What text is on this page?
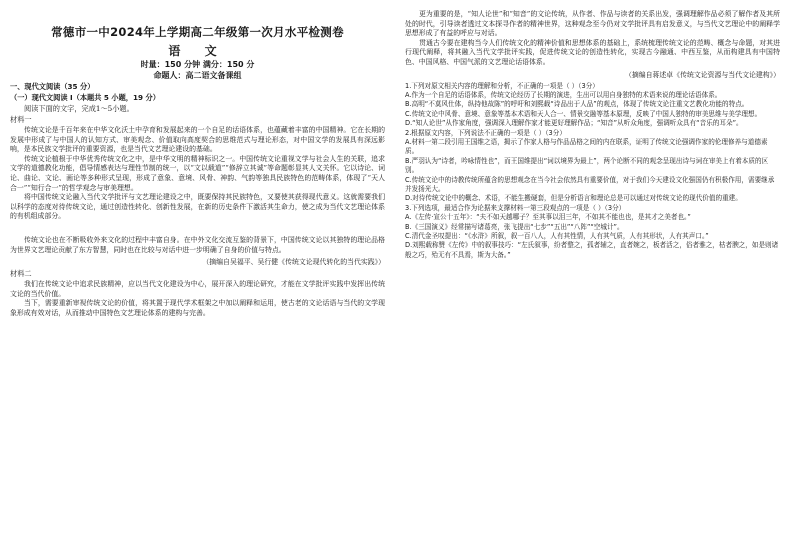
常德市一中2024年上学期高二年级第一次月水平检测卷

语 文

时量：150 分钟 满分：150 分

命题人：高二语文备课组

一、现代文阅读（35 分）

（一）现代文阅读 I（本题共 5 小题，19 分）

阅读下面的文字，完成1～5小题。

材料一

传统文论是千百年来在中华文化沃土中孕育和发展起来的一个自足的话语体系，也蕴藏着丰富的中国精神。它在长期的发展中形成了与中国人的认知方式、审美观念、价值取向高度契合的思维范式与理论形态，对中国文学的发展具有深远影响，是本民族文学批评的重要资源，也是当代文艺理论建设的基础。

传统文论植根于中华优秀传统文化之中，是中华文明的精神标识之一。中国传统文论重视文学与社会人生的关联，追求文学的道德教化功能，倡导情感表达与理性节制的统一，以“文以载道”“修辞立其诚”等命题彰显其人文关怀。它以诗论、词论、曲论、文论、画论等多种形式呈现，形成了意象、意境、风骨、神韵、气韵等独具民族特色的范畴体系，体现了“天人合一”“知行合一”的哲学观念与审美理想。

将中国传统文论融入当代文学批评与文艺理论建设之中，既要保持其民族特色，又要使其获得现代意义。这就需要我们以科学的态度对待传统文论，通过创造性转化、创新性发展，在新的历史条件下激活其生命力，使之成为当代文艺理论体系的有机组成部分。

传统文论也在不断吸收外来文化的过程中丰富自身。在中外文化交流互鉴的背景下，中国传统文论以其独特的理论品格为世界文艺理论贡献了东方智慧，同时也在比较与对话中进一步明确了自身的价值与特点。

（摘编自吴福平、吴行健《传统文论现代转化的当代实践》）

材料二

我们在传统文论中追求民族精神，应以当代文化建设为中心，展开深入的理论研究，才能在文学批评实践中发挥出传统文论的当代价值。

当下，需要重新审视传统文论的价值，将其置于现代学术框架之中加以阐释和运用，使古老的文论话语与当代的文学现象形成有效对话，从而推动中国特色文艺理论体系的建构与完善。

更为重要的是，“知人论世”和“知音”的文论传统，从作者、作品与读者的关系出发，强调理解作品必须了解作者及其所处的时代，引导读者透过文本探寻作者的精神世界，这种观念至今仍对文学批评具有启发意义，与当代文艺理论中的阐释学思想形成了有益的呼应与对话。

贯通古今要在建构当今人们传统文化的精神价值和思想体系的基础上，系统梳理传统文论的范畴、概念与命题，对其进行现代阐释，将其融入当代文学批评实践，促进传统文论的创造性转化，实现古今融通、中西互鉴，从而构建具有中国特色、中国风格、中国气派的文艺理论话语体系。

（摘编自蒋述卓《传统文论资源与当代文论建构》）

1.下列对原文相关内容的理解和分析，不正确的一项是（ ）（3分）

A.作为一个自足的话语体系，传统文论经历了长期的演进，生出可以用自身独特的术语来说的理论话语体系。

B.高明“不莫风仕体，纵持他故陈”的呼吁和刘熙载“诗品出于人品”的观点，体现了传统文论注重文艺教化功能的特点。

C.传统文论中风骨、意境、意象等基本术语和天人合一、情景交融等基本原理，反映了中国人独特的审美思维与美学理想。

D.“知人论世”从作家角度，强调深入理解作家才能更好理解作品；“知音”从听众角度，强调听众具有“音乐的耳朵”。

2.根据原文内容，下列说法不正确的一项是（ ）（3分）

A.材料一第二段引用王国维之语，揭示了作家人格与作品品格之间的内在联系，证明了传统文论强调作家的伦理修养与道德素质。

B.严羽认为“诗者，吟咏情性也”，而王国维提出“词以境界为最上”，两个论断不同的观念呈现出诗与词在审美上有着本质的区别。

C.传统文论中的诗教传统所蕴含的思想观念在当今社会依然具有重要价值，对于我们今天建设文化强国仍有积极作用，需要继承并发扬光大。

D.对待传统文论中的概念、术语，不能生搬硬套，但是分析语言和理论总是可以通过对传统文论的现代价值的重建。

3.下列选项，最适合作为论据来支撑材料一第三段观点的一项是（ ）（3分）

A.《左传·宣公十五年》：“夫不如天越哪子？至其事以泪三年，不如其不能也也，是其才之美者也。”

B.《三国演义》经常描写诸葛亮，张飞提出“七步”“五出”“八阵”“空城计”。

C.清代金圣叹提出：“《水浒》所叙，叙一百八人，人有其性情，人有其气质，人有其形状，人有其声口。”

D.刘熙载称赞《左传》中的叙事技巧：“左氏叙事，纷者整之，孤者辅之，直者婉之，板者活之，俗者雅之，枯者腴之，如是则诸般之巧，殆无有不具焉，斯为大备。”
